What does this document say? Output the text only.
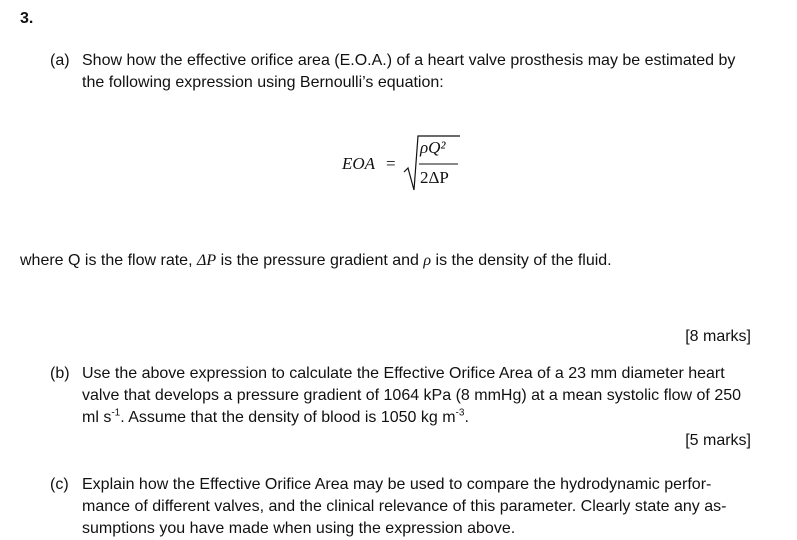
3.
(a) Show how the effective orifice area (E.O.A.) of a heart valve prosthesis may be estimated by
the following expression using Bernoulli’s equation:
EOA =
ρQ²
2ΔP
where Q is the flow rate, ΔP is the pressure gradient and ρ is the density of the fluid.
[8 marks]
(b) Use the above expression to calculate the Effective Orifice Area of a 23 mm diameter heart
valve that develops a pressure gradient of 1064 kPa (8 mmHg) at a mean systolic flow of 250
ml $s^{-1}$. Assume that the density of blood is 1050 kg $m^{-3}$.
[5 marks]
(c) Explain how the Effective Orifice Area may be used to compare the hydrodynamic perfor-
mance of different valves, and the clinical relevance of this parameter. Clearly state any as-
sumptions you have made when using the expression above.
